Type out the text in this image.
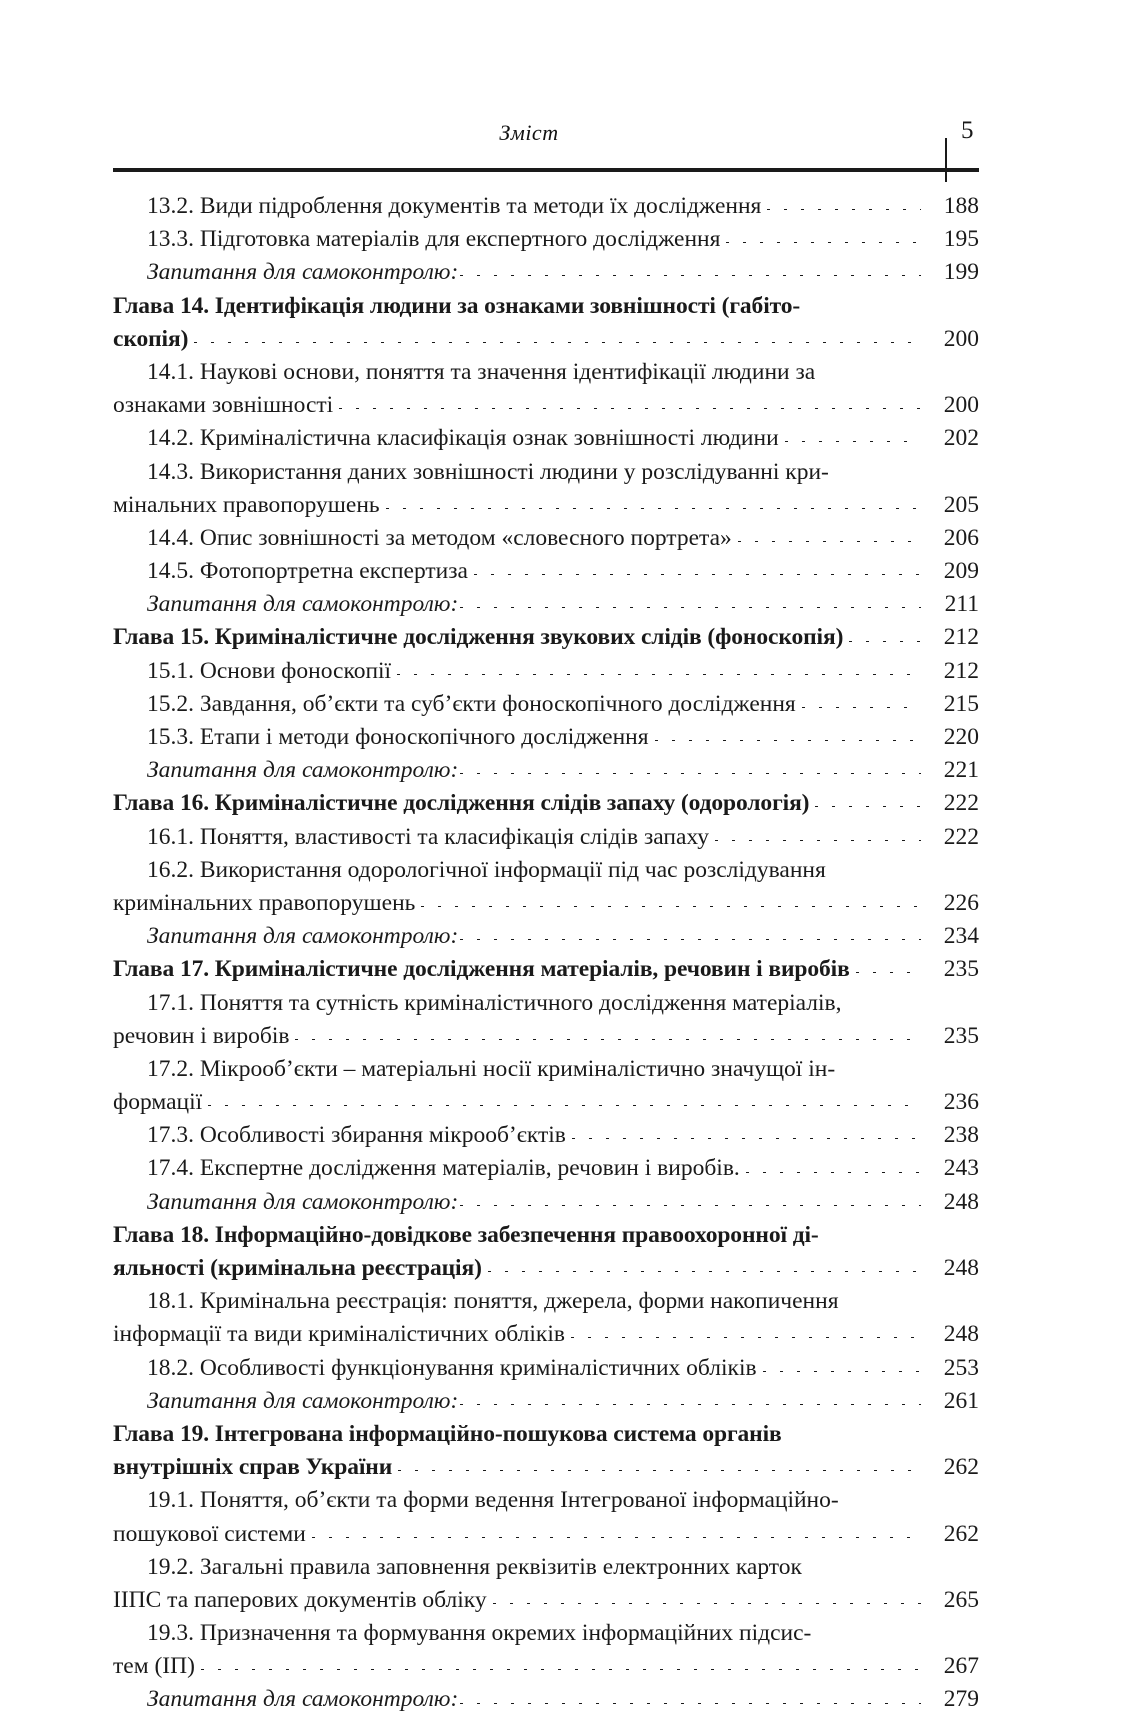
Зміст	5
13.2. Види підроблення документів та методи їх дослідження	188
13.3. Підготовка матеріалів для експертного дослідження	195
Запитання для самоконтролю:	199
Глава 14. Ідентифікація людини за ознаками зовнішності (габіто-
скопія)	200
14.1. Наукові основи, поняття та значення ідентифікації людини за
ознаками зовнішності	200
14.2. Криміналістична класифікація ознак зовнішності людини	202
14.3. Використання даних зовнішності людини у розслідуванні кри-
мінальних правопорушень	205
14.4. Опис зовнішності за методом «словесного портрета»	206
14.5. Фотопортретна експертиза	209
Запитання для самоконтролю:	211
Глава 15. Криміналістичне дослідження звукових слідів (фоноскопія)	212
15.1. Основи фоноскопії	212
15.2. Завдання, об’єкти та суб’єкти фоноскопічного дослідження	215
15.3. Етапи і методи фоноскопічного дослідження	220
Запитання для самоконтролю:	221
Глава 16. Криміналістичне дослідження слідів запаху (одорологія)	222
16.1. Поняття, властивості та класифікація слідів запаху	222
16.2. Використання одорологічної інформації під час розслідування
кримінальних правопорушень	226
Запитання для самоконтролю:	234
Глава 17. Криміналістичне дослідження матеріалів, речовин і виробів	235
17.1. Поняття та сутність криміналістичного дослідження матеріалів,
речовин і виробів	235
17.2. Мікрооб’єкти – матеріальні носії криміналістично значущої ін-
формації	236
17.3. Особливості збирання мікрооб’єктів	238
17.4. Експертне дослідження матеріалів, речовин і виробів.	243
Запитання для самоконтролю:	248
Глава 18. Інформаційно-довідкове забезпечення правоохоронної ді-
яльності (кримінальна реєстрація)	248
18.1. Кримінальна реєстрація: поняття, джерела, форми накопичення
інформації та види криміналістичних обліків	248
18.2. Особливості функціонування криміналістичних обліків	253
Запитання для самоконтролю:	261
Глава 19. Інтегрована інформаційно-пошукова система органів
внутрішніх справ України	262
19.1. Поняття, об’єкти та форми ведення Інтегрованої інформаційно-
пошукової системи	262
19.2. Загальні правила заповнення реквізитів електронних карток
ІІПС та паперових документів обліку	265
19.3. Призначення та формування окремих інформаційних підсис-
тем (ІП)	267
Запитання для самоконтролю:	279
